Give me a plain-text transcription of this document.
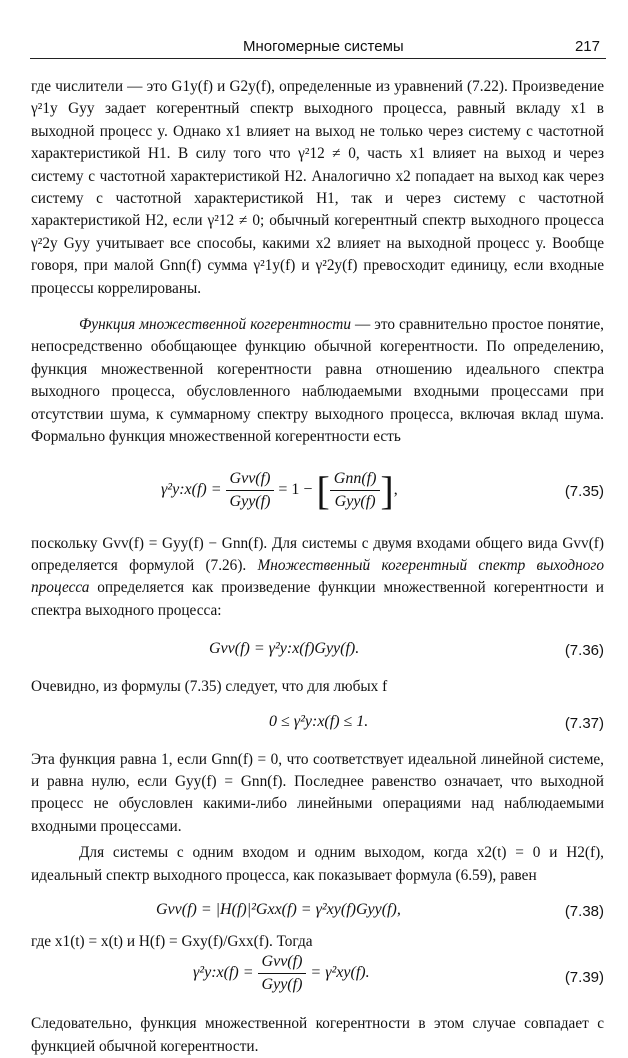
Многомерные системы	217

где числители — это G1y(f) и G2y(f), определенные из уравнений (7.22). Произведение γ²1y Gyy задает когерентный спектр выходного процесса, равный вкладу x1 в выходной процесс y. Однако x1 влияет на выход не только через систему с частотной характеристикой H1. В силу того что γ²12 ≠ 0, часть x1 влияет на выход и через систему с частотной характеристикой H2. Аналогично x2 попадает на выход как через систему с частотной характеристикой H1, так и через систему с частотной характеристикой H2, если γ²12 ≠ 0; обычный когерентный спектр выходного процесса γ²2y Gyy учитывает все способы, какими x2 влияет на выходной процесс y. Вообще говоря, при малой Gnn(f) сумма γ²1y(f) и γ²2y(f) превосходит единицу, если входные процессы коррелированы.

Функция множественной когерентности — это сравнительно простое понятие, непосредственно обобщающее функцию обычной когерентности. По определению, функция множественной когерентности равна отношению идеального спектра выходного процесса, обусловленного наблюдаемыми входными процессами при отсутствии шума, к суммарному спектру выходного процесса, включая вклад шума. Формально функция множественной когерентности есть

γ²y:x(f) = $\frac{\text{Gvv(f)}}{\text{Gyy(f)}} = 1$ − [ $\frac{\text{Gnn(f)}}{\text{Gyy(f)}}$ ],	(7.35)

поскольку Gvv(f) = Gyy(f) − Gnn(f). Для системы с двумя входами общего вида Gvv(f) определяется формулой (7.26). Множественный когерентный спектр выходного процесса определяется как произведение функции множественной когерентности и спектра выходного процесса:

Gvv(f) = γ²y:x(f)Gyy(f).	(7.36)

Очевидно, из формулы (7.35) следует, что для любых f

0 ≤ γ²y:x(f) ≤ 1.	(7.37)

Эта функция равна 1, если Gnn(f) = 0, что соответствует идеальной линейной системе, и равна нулю, если Gyy(f) = Gnn(f). Последнее равенство означает, что выходной процесс не обусловлен какими-либо линейными операциями над наблюдаемыми входными процессами.

Для системы с одним входом и одним выходом, когда x2(t) = 0 и H2(f), идеальный спектр выходного процесса, как показывает формула (6.59), равен

Gvv(f) = |H(f)|²Gxx(f) = γ²xy(f)Gyy(f),	(7.38)

где x1(t) = x(t) и H(f) = Gxy(f)/Gxx(f). Тогда

γ²y:x(f) = $\frac{\text{Gvv(f)}}{\text{Gyy(f)}} = \gamma^2xy(f)$.	(7.39)

Следовательно, функция множественной когерентности в этом случае совпадает с функцией обычной когерентности.
